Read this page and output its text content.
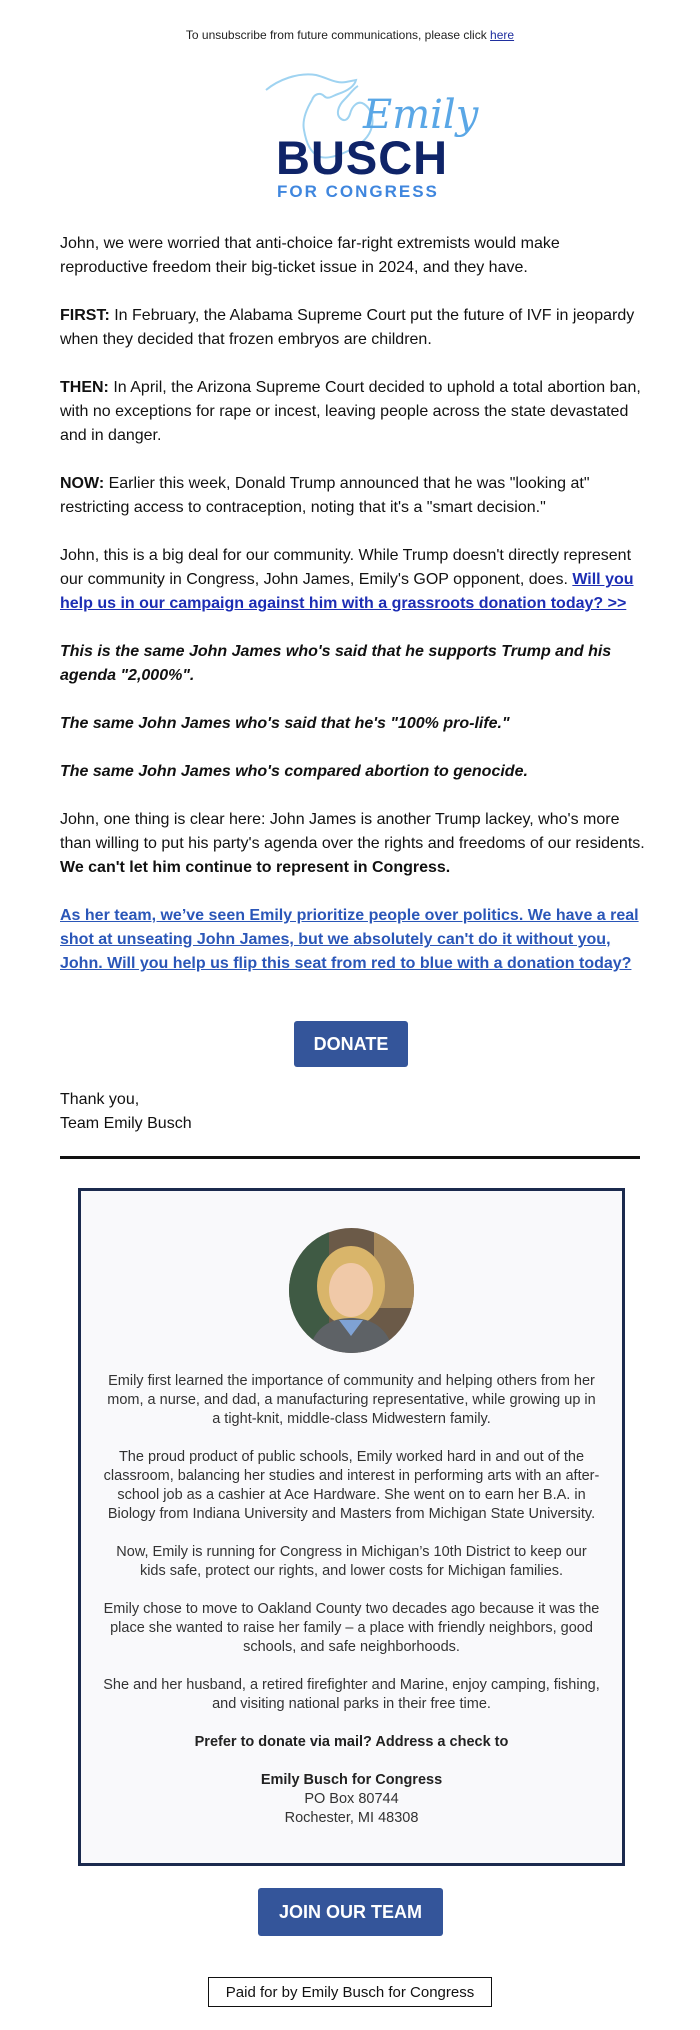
To unsubscribe from future communications, please click here
Emily
BUSCH
FOR CONGRESS

John, we were worried that anti-choice far-right extremists would make reproductive freedom their big-ticket issue in 2024, and they have.

FIRST: In February, the Alabama Supreme Court put the future of IVF in jeopardy when they decided that frozen embryos are children.

THEN: In April, the Arizona Supreme Court decided to uphold a total abortion ban, with no exceptions for rape or incest, leaving people across the state devastated and in danger.

NOW: Earlier this week, Donald Trump announced that he was "looking at" restricting access to contraception, noting that it's a "smart decision."

John, this is a big deal for our community. While Trump doesn't directly represent our community in Congress, John James, Emily's GOP opponent, does. Will you help us in our campaign against him with a grassroots donation today? >>

This is the same John James who's said that he supports Trump and his agenda "2,000%".

The same John James who's said that he's "100% pro-life."

The same John James who's compared abortion to genocide.

John, one thing is clear here: John James is another Trump lackey, who's more than willing to put his party's agenda over the rights and freedoms of our residents. We can't let him continue to represent in Congress.

As her team, we’ve seen Emily prioritize people over politics. We have a real shot at unseating John James, but we absolutely can't do it without you, John. Will you help us flip this seat from red to blue with a donation today?

DONATE
Thank you,
Team Emily Busch

Emily first learned the importance of community and helping others from her mom, a nurse, and dad, a manufacturing representative, while growing up in a tight-knit, middle-class Midwestern family.

The proud product of public schools, Emily worked hard in and out of the classroom, balancing her studies and interest in performing arts with an after-school job as a cashier at Ace Hardware. She went on to earn her B.A. in Biology from Indiana University and Masters from Michigan State University.

Now, Emily is running for Congress in Michigan’s 10th District to keep our kids safe, protect our rights, and lower costs for Michigan families.

Emily chose to move to Oakland County two decades ago because it was the place she wanted to raise her family – a place with friendly neighbors, good schools, and safe neighborhoods.

She and her husband, a retired firefighter and Marine, enjoy camping, fishing, and visiting national parks in their free time.

Prefer to donate via mail? Address a check to

Emily Busch for Congress
PO Box 80744
Rochester, MI 48308
JOIN OUR TEAM
Paid for by Emily Busch for Congress
